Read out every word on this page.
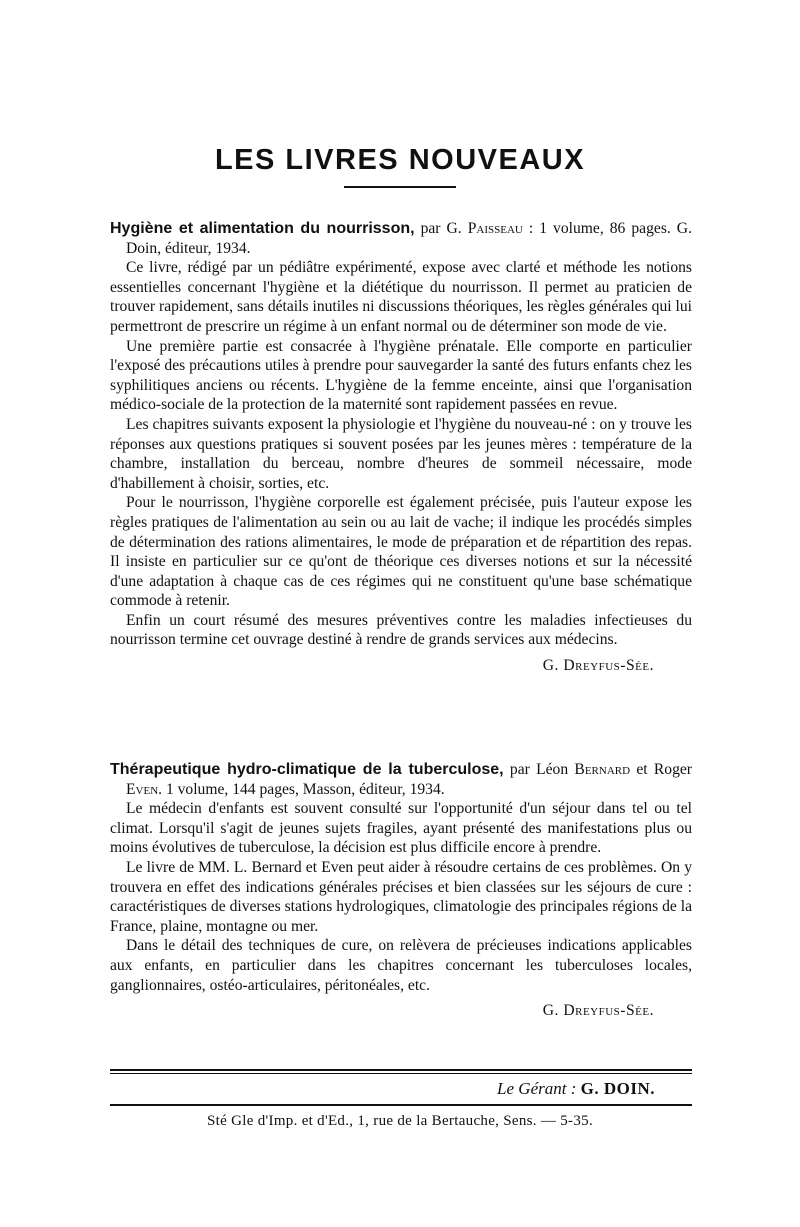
LES LIVRES NOUVEAUX

Hygiène et alimentation du nourrisson, par G. Paisseau : 1 volume, 86 pages. G. Doin, éditeur, 1934.

Ce livre, rédigé par un pédiâtre expérimenté, expose avec clarté et méthode les notions essentielles concernant l'hygiène et la diététique du nourrisson. Il permet au praticien de trouver rapidement, sans détails inutiles ni discussions théoriques, les règles générales qui lui permettront de prescrire un régime à un enfant normal ou de déterminer son mode de vie.

Une première partie est consacrée à l'hygiène prénatale. Elle comporte en particulier l'exposé des précautions utiles à prendre pour sauvegarder la santé des futurs enfants chez les syphilitiques anciens ou récents. L'hygiène de la femme enceinte, ainsi que l'organisation médico-sociale de la protection de la maternité sont rapidement passées en revue.

Les chapitres suivants exposent la physiologie et l'hygiène du nouveau-né : on y trouve les réponses aux questions pratiques si souvent posées par les jeunes mères : température de la chambre, installation du berceau, nombre d'heures de sommeil nécessaire, mode d'habillement à choisir, sorties, etc.

Pour le nourrisson, l'hygiène corporelle est également précisée, puis l'auteur expose les règles pratiques de l'alimentation au sein ou au lait de vache; il indique les procédés simples de détermination des rations alimentaires, le mode de préparation et de répartition des repas. Il insiste en particulier sur ce qu'ont de théorique ces diverses notions et sur la nécessité d'une adaptation à chaque cas de ces régimes qui ne constituent qu'une base schématique commode à retenir.

Enfin un court résumé des mesures préventives contre les maladies infectieuses du nourrisson termine cet ouvrage destiné à rendre de grands services aux médecins.

G. Dreyfus-Sée.

Thérapeutique hydro-climatique de la tuberculose, par Léon Bernard et Roger Even. 1 volume, 144 pages, Masson, éditeur, 1934.

Le médecin d'enfants est souvent consulté sur l'opportunité d'un séjour dans tel ou tel climat. Lorsqu'il s'agit de jeunes sujets fragiles, ayant présenté des manifestations plus ou moins évolutives de tuberculose, la décision est plus difficile encore à prendre.

Le livre de MM. L. Bernard et Even peut aider à résoudre certains de ces problèmes. On y trouvera en effet des indications générales précises et bien classées sur les séjours de cure : caractéristiques de diverses stations hydrologiques, climatologie des principales régions de la France, plaine, montagne ou mer.

Dans le détail des techniques de cure, on relèvera de précieuses indications applicables aux enfants, en particulier dans les chapitres concernant les tuberculoses locales, ganglionnaires, ostéo-articulaires, péritonéales, etc.

G. Dreyfus-Sée.

Le Gérant : G. DOIN.
Sté Gle d'Imp. et d'Ed., 1, rue de la Bertauche, Sens. — 5-35.
